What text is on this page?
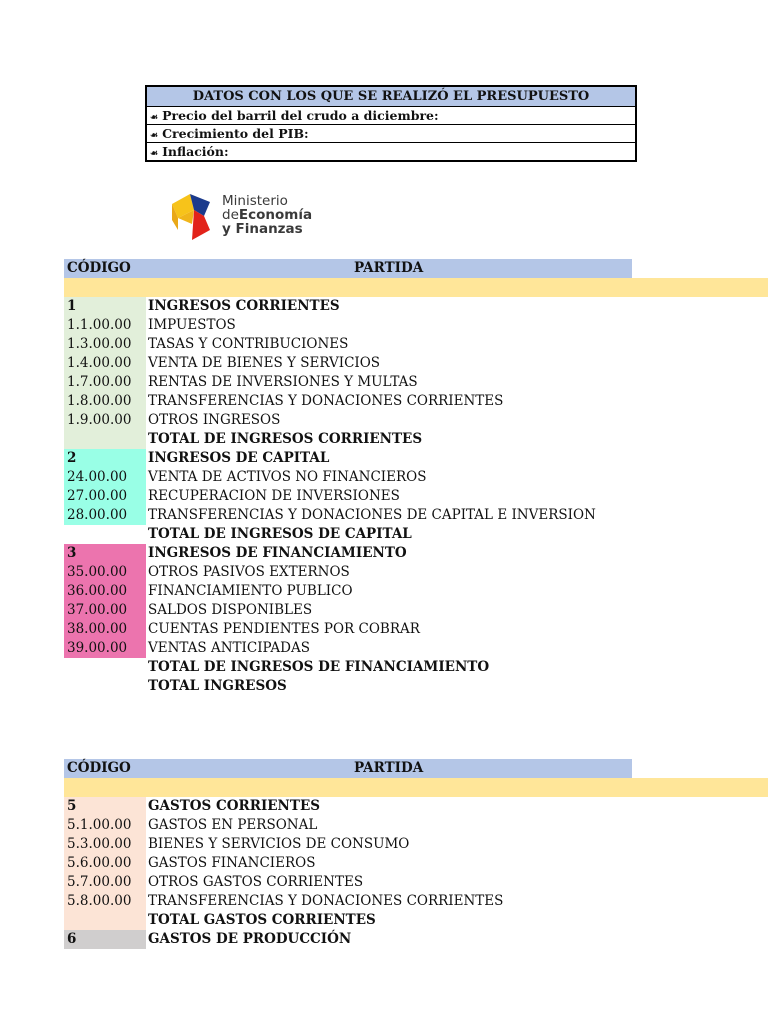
DATOS CON LOS QUE SE REALIZÓ EL PRESUPUESTO
☙ Precio del barril del crudo a diciembre:
☙ Crecimiento del PIB:
☙ Inflación:
Ministerio
deEconomía
y Finanzas
CÓDIGO	PARTIDA
1	INGRESOS CORRIENTES
1.1.00.00	IMPUESTOS
1.3.00.00	TASAS Y CONTRIBUCIONES
1.4.00.00	VENTA DE BIENES Y SERVICIOS
1.7.00.00	RENTAS DE INVERSIONES Y MULTAS
1.8.00.00	TRANSFERENCIAS Y DONACIONES CORRIENTES
1.9.00.00	OTROS INGRESOS
TOTAL DE INGRESOS CORRIENTES
2	INGRESOS DE CAPITAL
24.00.00	VENTA DE ACTIVOS NO FINANCIEROS
27.00.00	RECUPERACION DE INVERSIONES
28.00.00	TRANSFERENCIAS Y DONACIONES DE CAPITAL E INVERSION
TOTAL DE INGRESOS DE CAPITAL
3	INGRESOS DE FINANCIAMIENTO
35.00.00	OTROS PASIVOS EXTERNOS
36.00.00	FINANCIAMIENTO PUBLICO
37.00.00	SALDOS DISPONIBLES
38.00.00	CUENTAS PENDIENTES POR COBRAR
39.00.00	VENTAS ANTICIPADAS
TOTAL DE INGRESOS DE FINANCIAMIENTO
TOTAL INGRESOS
CÓDIGO	PARTIDA
5	GASTOS CORRIENTES
5.1.00.00	GASTOS EN PERSONAL
5.3.00.00	BIENES Y SERVICIOS DE CONSUMO
5.6.00.00	GASTOS FINANCIEROS
5.7.00.00	OTROS GASTOS CORRIENTES
5.8.00.00	TRANSFERENCIAS Y DONACIONES CORRIENTES
TOTAL GASTOS CORRIENTES
6	GASTOS DE PRODUCCIÓN
